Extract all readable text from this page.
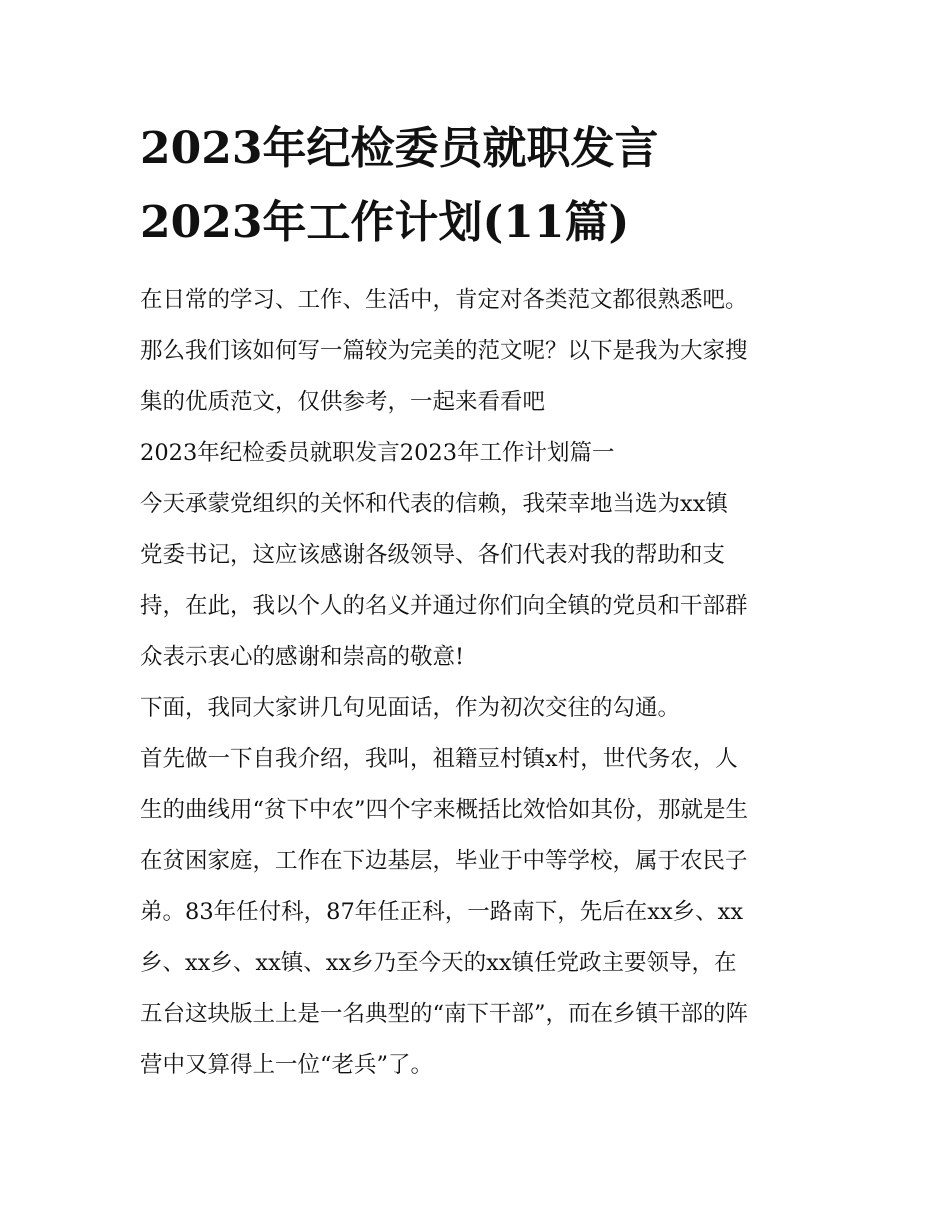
2023年纪检委员就职发言
2023年工作计划(11篇)
在日常的学习、工作、生活中，肯定对各类范文都很熟悉吧。
那么我们该如何写一篇较为完美的范文呢？以下是我为大家搜
集的优质范文，仅供参考，一起来看看吧
2023年纪检委员就职发言2023年工作计划篇一
今天承蒙党组织的关怀和代表的信赖，我荣幸地当选为xx镇
党委书记，这应该感谢各级领导、各们代表对我的帮助和支
持，在此，我以个人的名义并通过你们向全镇的党员和干部群
众表示衷心的感谢和崇高的敬意!
下面，我同大家讲几句见面话，作为初次交往的勾通。
首先做一下自我介绍，我叫，祖籍豆村镇x村，世代务农，人
生的曲线用“贫下中农”四个字来概括比效恰如其份，那就是生
在贫困家庭，工作在下边基层，毕业于中等学校，属于农民子
弟。83年任付科，87年任正科，一路南下，先后在xx乡、xx
乡、xx乡、xx镇、xx乡乃至今天的xx镇任党政主要领导，在
五台这块版土上是一名典型的“南下干部”，而在乡镇干部的阵
营中又算得上一位“老兵”了。
